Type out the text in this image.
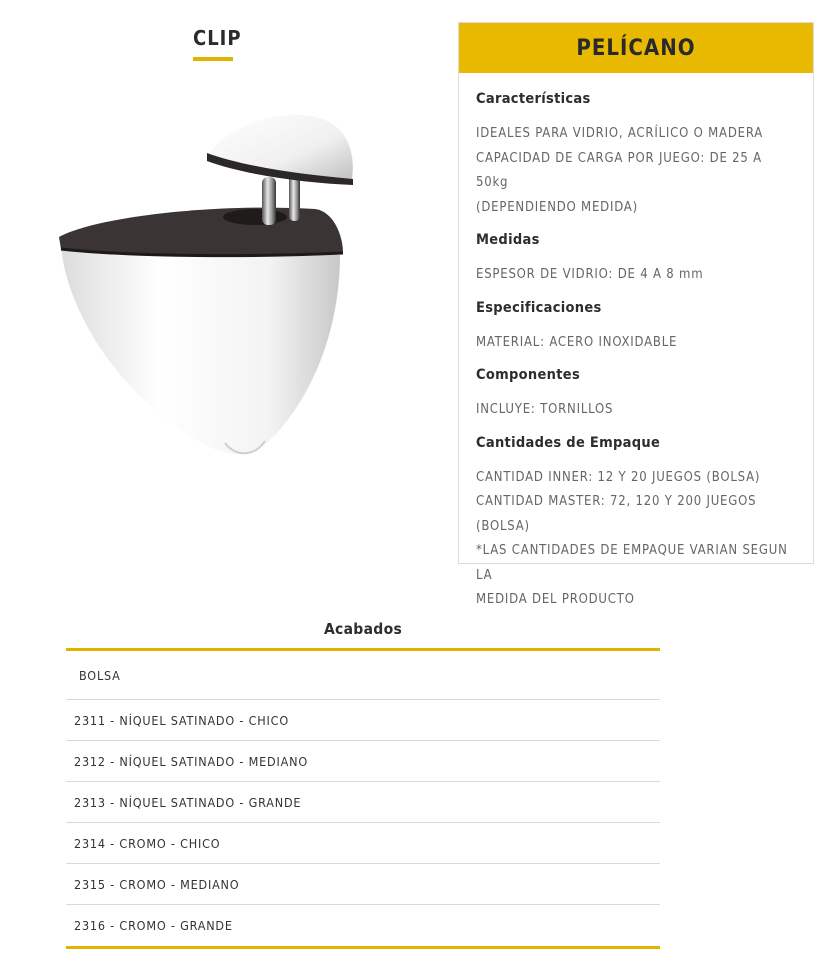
CLIP	PELÍCANO
Características
IDEALES PARA VIDRIO, ACRÍLICO O MADERA
CAPACIDAD DE CARGA POR JUEGO: DE 25 A 50kg
(DEPENDIENDO MEDIDA)
Medidas
ESPESOR DE VIDRIO: DE 4 A 8 mm
Especificaciones
MATERIAL: ACERO INOXIDABLE
Componentes
INCLUYE: TORNILLOS
Cantidades de Empaque
CANTIDAD INNER: 12 Y 20 JUEGOS (BOLSA)
CANTIDAD MASTER: 72, 120 Y 200 JUEGOS (BOLSA)
*LAS CANTIDADES DE EMPAQUE VARIAN SEGUN LA
MEDIDA DEL PRODUCTO
Acabados
BOLSA
2311 - NÍQUEL SATINADO - CHICO
2312 - NÍQUEL SATINADO - MEDIANO
2313 - NÍQUEL SATINADO - GRANDE
2314 - CROMO - CHICO
2315 - CROMO - MEDIANO
2316 - CROMO - GRANDE
